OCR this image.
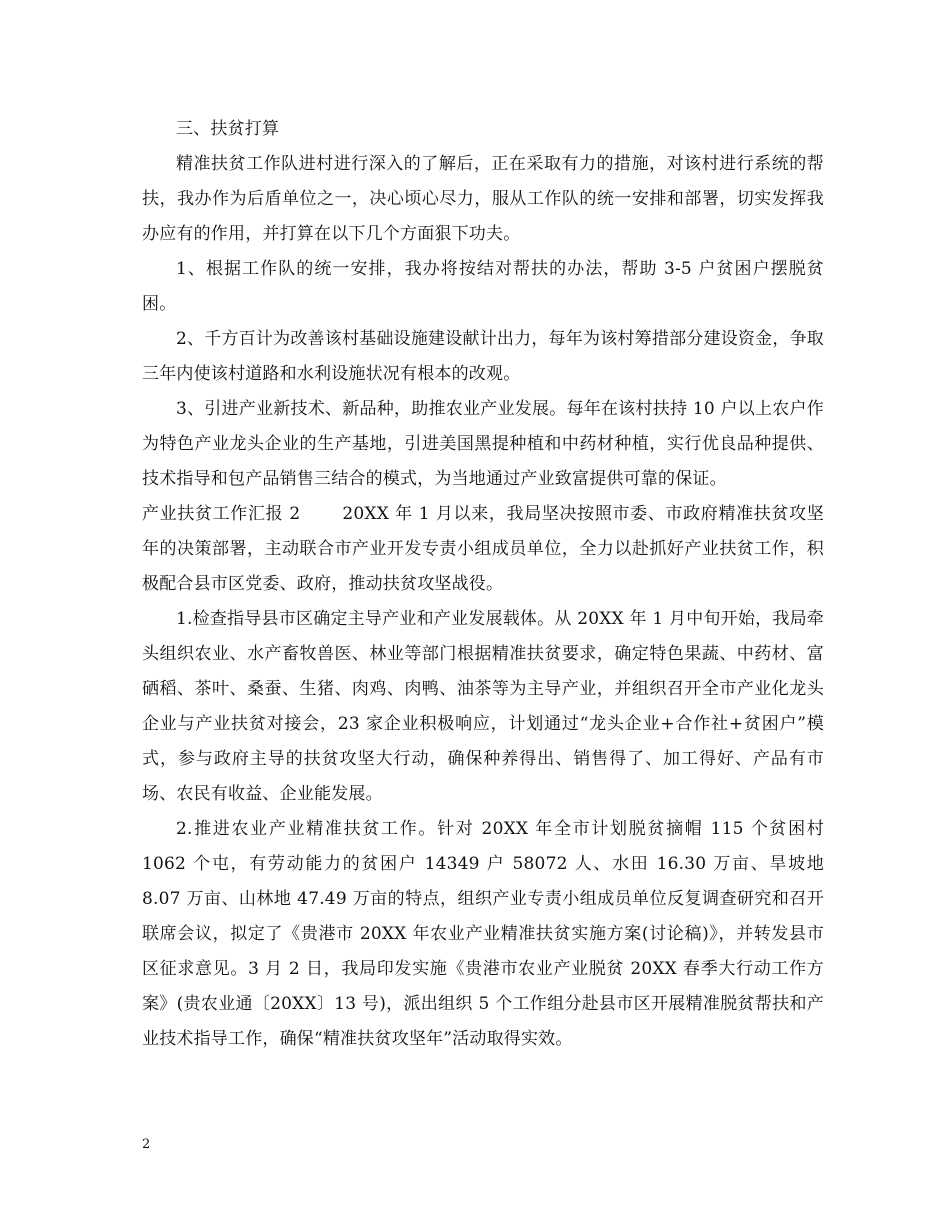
三、扶贫打算

精准扶贫工作队进村进行深入的了解后，正在采取有力的措施，对该村进行系统的帮扶，我办作为后盾单位之一，决心顷心尽力，服从工作队的统一安排和部署，切实发挥我办应有的作用，并打算在以下几个方面狠下功夫。

1、根据工作队的统一安排，我办将按结对帮扶的办法，帮助 3-5 户贫困户摆脱贫困。

2、千方百计为改善该村基础设施建设献计出力，每年为该村筹措部分建设资金，争取三年内使该村道路和水利设施状况有根本的改观。

3、引进产业新技术、新品种，助推农业产业发展。每年在该村扶持 10 户以上农户作为特色产业龙头企业的生产基地，引进美国黑提种植和中药材种植，实行优良品种提供、技术指导和包产品销售三结合的模式，为当地通过产业致富提供可靠的保证。

产业扶贫工作汇报 2 20XX 年 1 月以来，我局坚决按照市委、市政府精准扶贫攻坚年的决策部署，主动联合市产业开发专责小组成员单位，全力以赴抓好产业扶贫工作，积极配合县市区党委、政府，推动扶贫攻坚战役。

1.检查指导县市区确定主导产业和产业发展载体。从 20XX 年 1 月中旬开始，我局牵头组织农业、水产畜牧兽医、林业等部门根据精准扶贫要求，确定特色果蔬、中药材、富硒稻、茶叶、桑蚕、生猪、肉鸡、肉鸭、油茶等为主导产业，并组织召开全市产业化龙头企业与产业扶贫对接会，23 家企业积极响应，计划通过“龙头企业+合作社+贫困户”模式，参与政府主导的扶贫攻坚大行动，确保种养得出、销售得了、加工得好、产品有市场、农民有收益、企业能发展。

2.推进农业产业精准扶贫工作。针对 20XX 年全市计划脱贫摘帽 115 个贫困村 1062 个屯，有劳动能力的贫困户 14349 户 58072 人、水田 16.30 万亩、旱坡地 8.07 万亩、山林地 47.49 万亩的特点，组织产业专责小组成员单位反复调查研究和召开联席会议，拟定了《贵港市 20XX 年农业产业精准扶贫实施方案(讨论稿)》，并转发县市区征求意见。3 月 2 日，我局印发实施《贵港市农业产业脱贫 20XX 春季大行动工作方案》(贵农业通〔20XX〕13 号)，派出组织 5 个工作组分赴县市区开展精准脱贫帮扶和产业技术指导工作，确保“精准扶贫攻坚年”活动取得实效。

2
